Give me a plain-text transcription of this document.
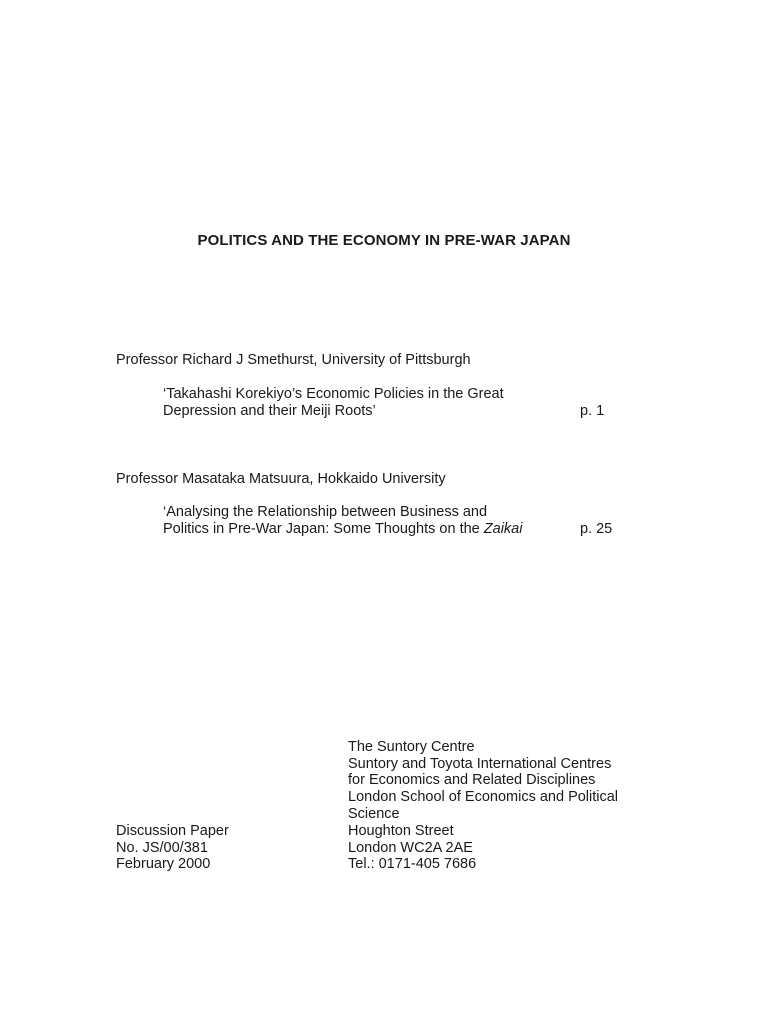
POLITICS AND THE ECONOMY IN PRE-WAR JAPAN
Professor Richard J Smethurst, University of Pittsburgh
‘Takahashi Korekiyo’s Economic Policies in the Great
Depression and their Meiji Roots’	p. 1
Professor Masataka Matsuura, Hokkaido University
‘Analysing the Relationship between Business and
Politics in Pre-War Japan: Some Thoughts on the Zaikai	p. 25
The Suntory Centre
Suntory and Toyota International Centres
for Economics and Related Disciplines
London School of Economics and Political
Science
Houghton Street
London WC2A 2AE
Tel.: 0171-405 7686
Discussion Paper
No. JS/00/381
February 2000
